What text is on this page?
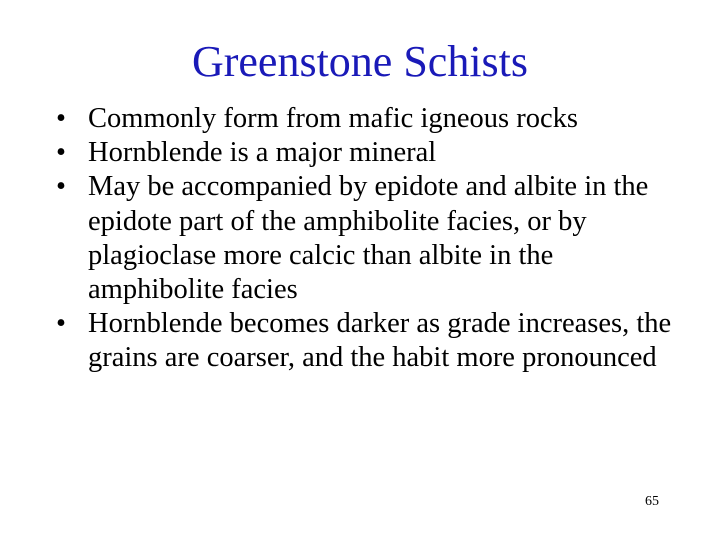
Greenstone Schists
• Commonly form from mafic igneous rocks
• Hornblende is a major mineral
• May be accompanied by epidote and albite in the epidote part of the amphibolite facies, or by plagioclase more calcic than albite in the amphibolite facies
• Hornblende becomes darker as grade increases, the grains are coarser, and the habit more pronounced
65
